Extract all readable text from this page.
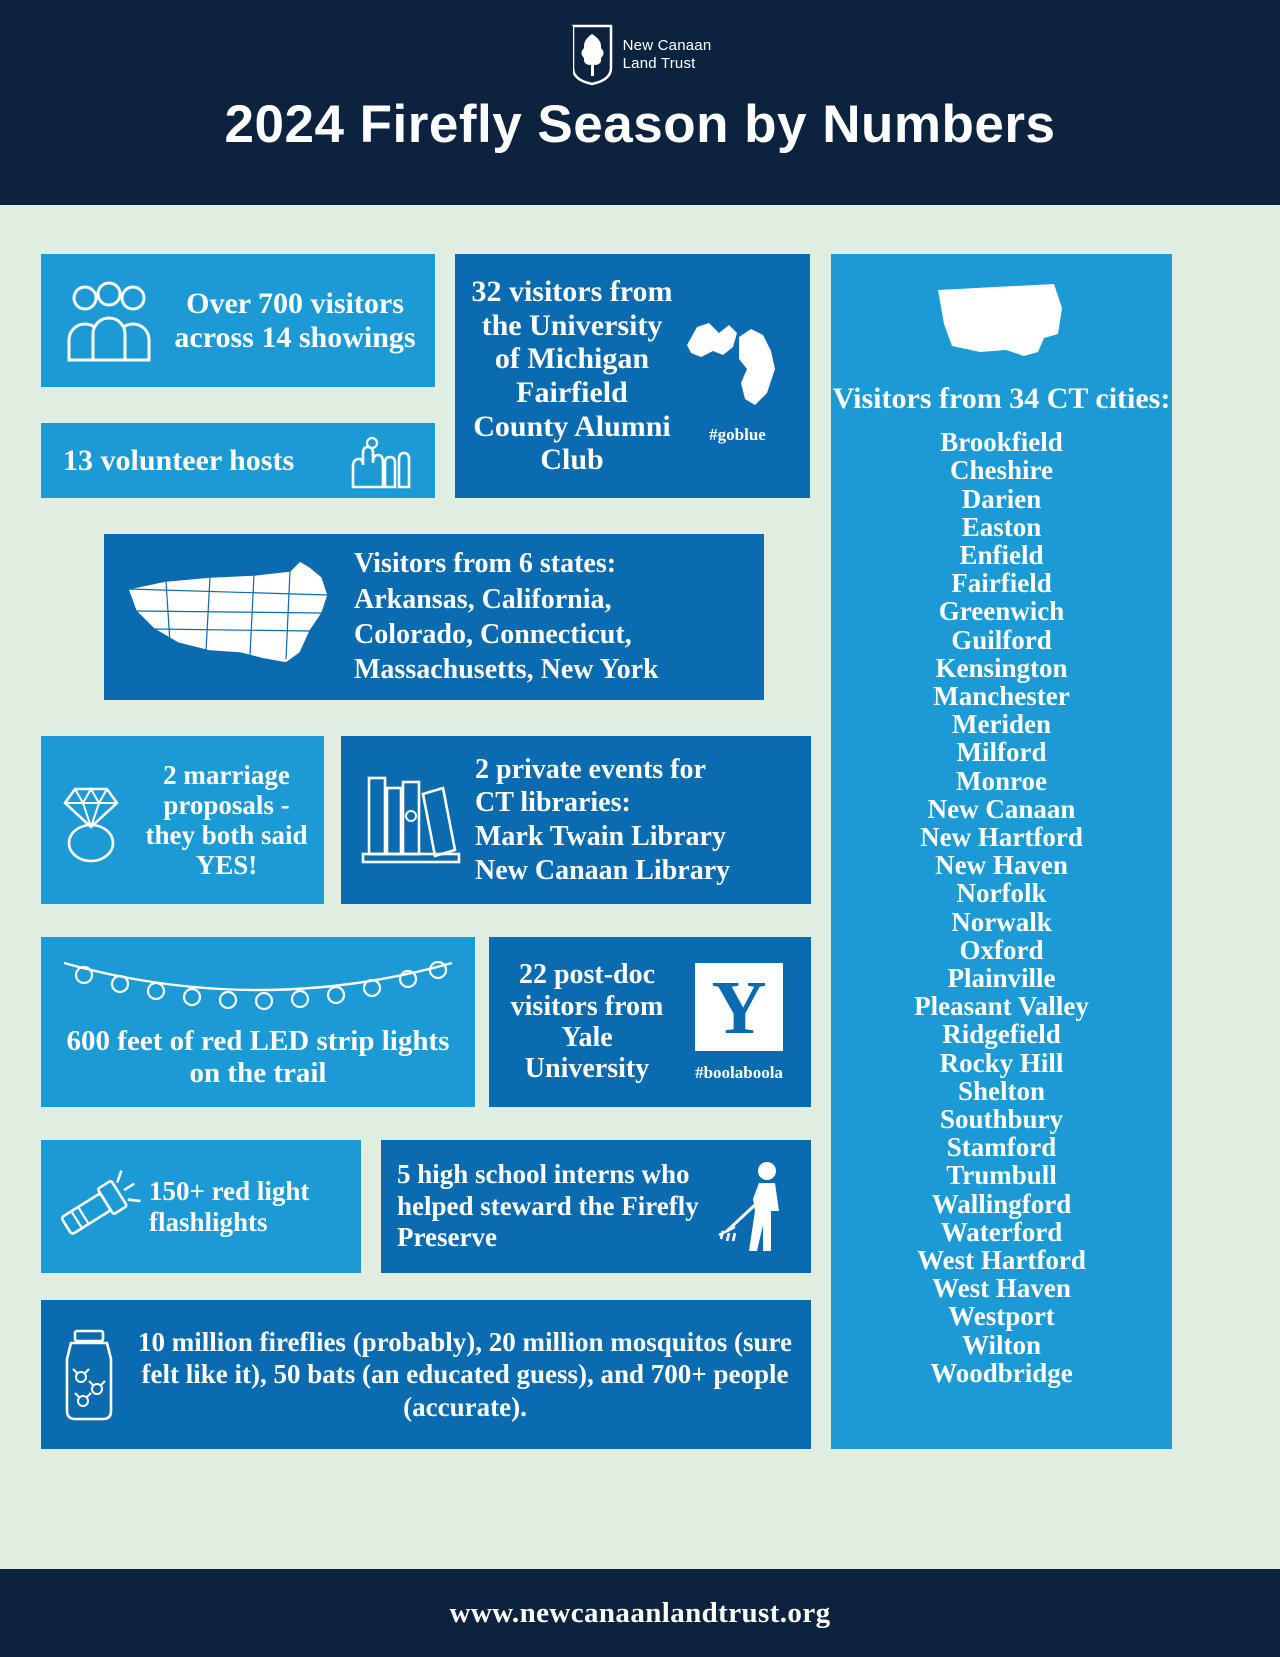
New Canaan
Land Trust
2024 Firefly Season by Numbers
Over 700 visitors across 14 showings
13 volunteer hosts
32 visitors from the University of Michigan Fairfield County Alumni Club
#goblue
Visitors from 6 states:
Arkansas, California,
Colorado, Connecticut,
Massachusetts, New York
2 marriage proposals -they both said YES!
2 private events for
CT libraries:
Mark Twain Library
New Canaan Library
600 feet of red LED strip lights on the trail
22 post-doc visitors from Yale University
Y
#boolaboola
150+ red light flashlights
5 high school interns who helped steward the Firefly Preserve
10 million fireflies (probably), 20 million mosquitos (sure felt like it), 50 bats (an educated guess), and 700+ people (accurate).
Visitors from 34 CT cities:
Brookfield
Cheshire
Darien
Easton
Enfield
Fairfield
Greenwich
Guilford
Kensington
Manchester
Meriden
Milford
Monroe
New Canaan
New Hartford
New Haven
Norfolk
Norwalk
Oxford
Plainville
Pleasant Valley
Ridgefield
Rocky Hill
Shelton
Southbury
Stamford
Trumbull
Wallingford
Waterford
West Hartford
West Haven
Westport
Wilton
Woodbridge
www.newcanaanlandtrust.org
